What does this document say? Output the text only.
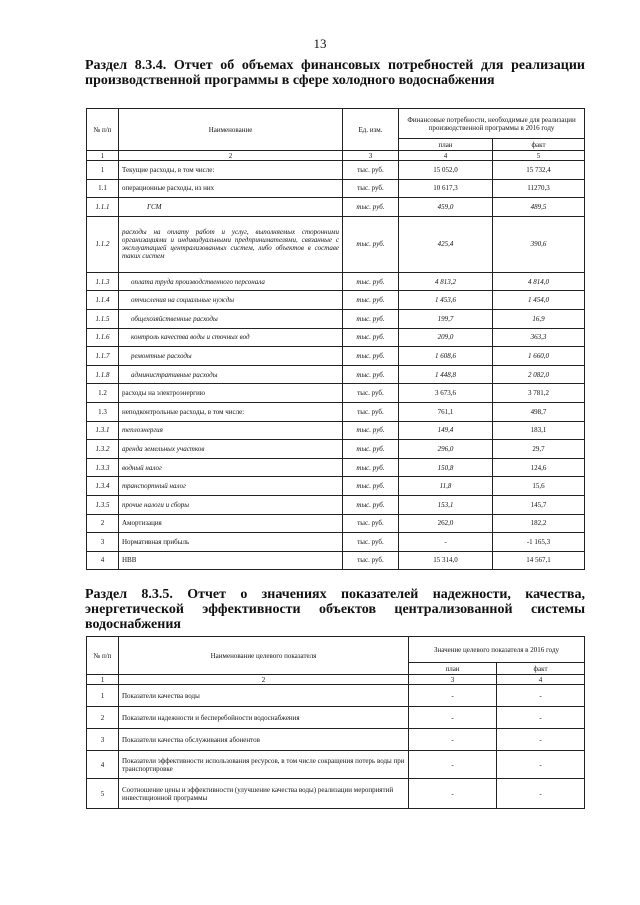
13
Раздел 8.3.4. Отчет об объемах финансовых потребностей для реализации производственной программы в сфере холодного водоснабжения
№ п/п	Наименование	Ед. изм.	Финансовые потребности, необходимые для реализации производственной программы в 2016 году	
			план	факт
1	2	3	4	5
1	Текущие расходы, в том числе:	тыс. руб.	15 052,0	15 732,4
1.1	операционные расходы, из них	тыс. руб.	10 617,3	11270,3
1.1.1	ГСМ	тыс. руб.	459,0	489,5
1.1.2	расходы на оплату работ и услуг, выполняемых сторонними организациями и индивидуальными предпринимателями, связанные с эксплуатацией централизованных систем, либо объектов в составе таких систем	тыс. руб.	425,4	390,6
1.1.3	оплата труда производственного персонала	тыс. руб.	4 813,2	4 814,0
1.1.4	отчисления на социальные нужды	тыс. руб.	1 453,6	1 454,0
1.1.5	общехозяйственные расходы	тыс. руб.	199,7	16,9
1.1.6	контроль качества воды и сточных вод	тыс. руб.	209,0	363,3
1.1.7	ремонтные расходы	тыс. руб.	1 608,6	1 660,0
1.1.8	административные расходы	тыс. руб.	1 448,8	2 082,0
1.2	расходы на электроэнергию	тыс. руб.	3 673,6	3 781,2
1.3	неподконтрольные расходы, в том числе:	тыс. руб.	761,1	498,7
1.3.1	теплоэнергия	тыс. руб.	149,4	183,1
1.3.2	аренда земельных участков	тыс. руб.	296,0	29,7
1.3.3	водный налог	тыс. руб.	150,8	124,6
1.3.4	транспортный налог	тыс. руб.	11,8	15,6
1.3.5	прочие налоги и сборы	тыс. руб.	153,1	145,7
2	Амортизация	тыс. руб.	262,0	182,2
3	Нормативная прибыль	тыс. руб.	-	-1 165,3
4	НВВ	тыс. руб.	15 314,0	14 567,1
Раздел 8.3.5. Отчет о значениях показателей надежности, качества, энергетической эффективности объектов централизованной системы водоснабжения
№ п/п	Наименование целевого показателя	Значение целевого показателя в 2016 году	
		план	факт
1	2	3	4
1	Показатели качества воды	-	-
2	Показатели надежности и бесперебойности водоснабжения	-	-
3	Показатели качества обслуживания абонентов	-	-
4	Показатели эффективности использования ресурсов, в том числе сокращения потерь воды при транспортировке	-	-
5	Соотношение цены и эффективности (улучшение качества воды) реализации мероприятий инвестиционной программы	-	-
